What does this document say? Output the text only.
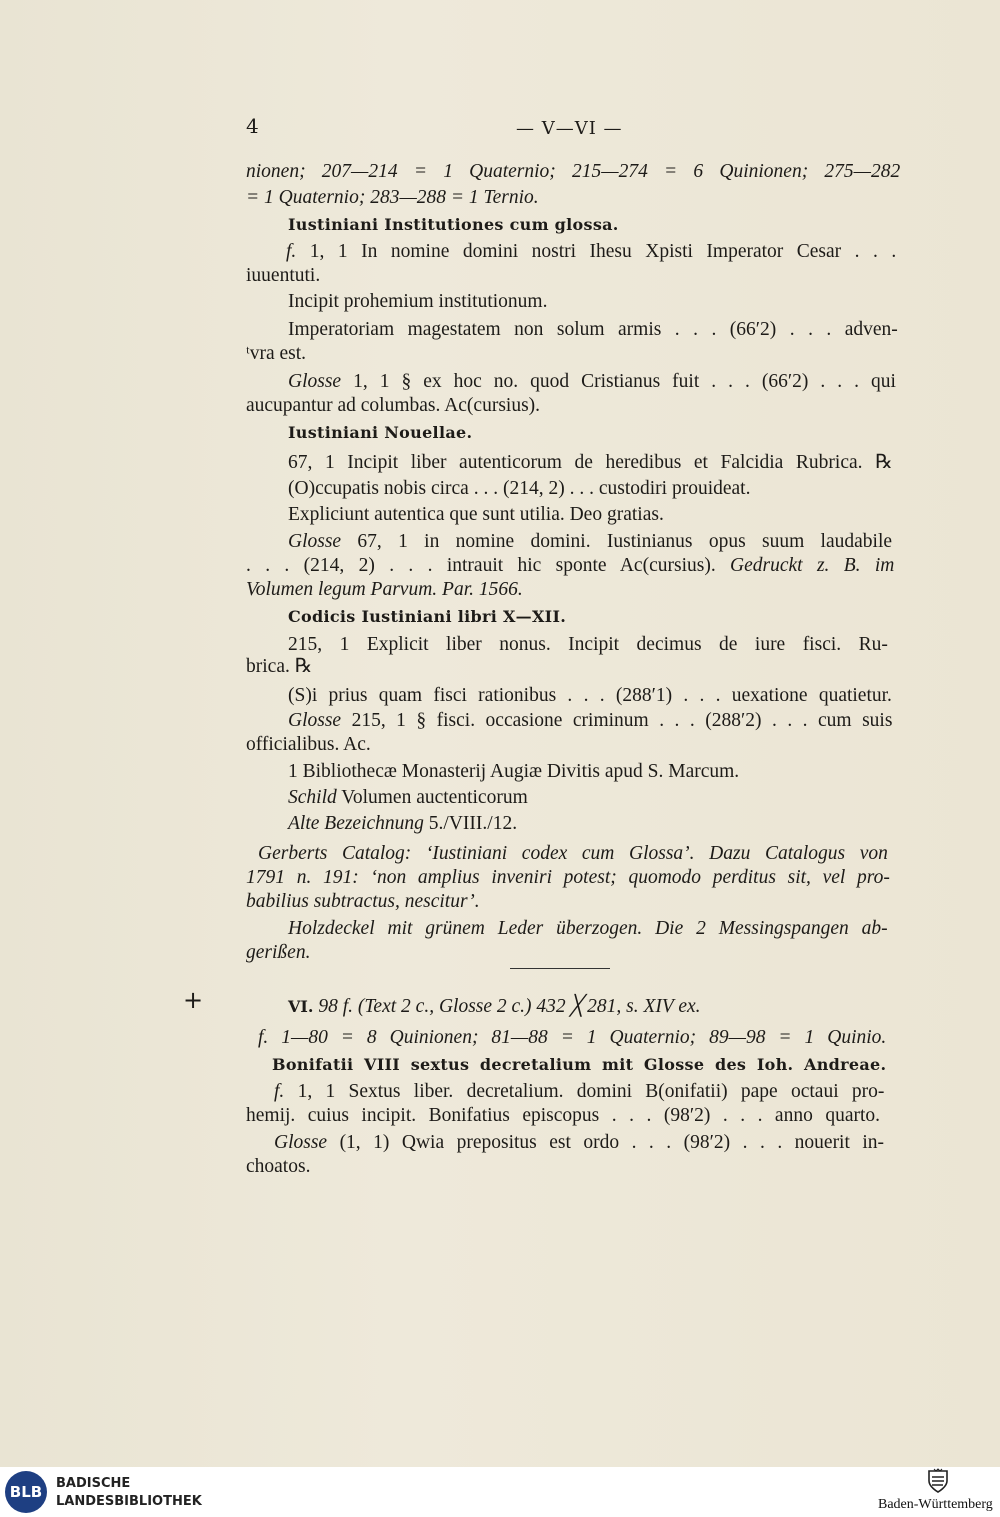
4	— V—VI —
nionen; 207—214 = 1 Quaternio; 215—274 = 6 Quinionen; 275—282
= 1 Quaternio; 283—288 = 1 Ternio.
Iustiniani Institutiones cum glossa.
f. 1, 1 In nomine domini nostri Ihesu Xpisti Imperator Cesar . . .
iuuentuti.
Incipit prohemium institutionum.
Imperatoriam magestatem non solum armis . . . (66′2) . . . adven-
ᵗvra est.
Glosse 1, 1 § ex hoc no. quod Cristianus fuit . . . (66′2) . . . qui
aucupantur ad columbas. Ac(cursius).
Iustiniani Nouellae.
67, 1 Incipit liber autenticorum de heredibus et Falcidia Rubrica. ℞
(O)ccupatis nobis circa . . . (214, 2) . . . custodiri prouideat.
Expliciunt autentica que sunt utilia. Deo gratias.
Glosse 67, 1 in nomine domini. Iustinianus opus suum laudabile
. . . (214, 2) . . . intrauit hic sponte Ac(cursius). Gedruckt z. B. im
Volumen legum Parvum. Par. 1566.
Codicis Iustiniani libri X—XII.
215, 1 Explicit liber nonus. Incipit decimus de iure fisci. Ru-
brica. ℞
(S)i prius quam fisci rationibus . . . (288′1) . . . uexatione quatietur.
Glosse 215, 1 § fisci. occasione criminum . . . (288′2) . . . cum suis
officialibus. Ac.
1 Bibliothecæ Monasterij Augiæ Divitis apud S. Marcum.
Schild Volumen auctenticorum
Alte Bezeichnung 5./VIII./12.
Gerberts Catalog: ‘Iustiniani codex cum Glossa’. Dazu Catalogus von
1791 n. 191: ‘non amplius inveniri potest; quomodo perditus sit, vel pro-
babilius subtractus, nescitur’.
Holzdeckel mit grünem Leder überzogen. Die 2 Messingspangen ab-
gerißen.
VI. 98 f. (Text 2 c., Glosse 2 c.) 432 ╳ 281, s. XIV ex.
f. 1—80 = 8 Quinionen; 81—88 = 1 Quaternio; 89—98 = 1 Quinio.
Bonifatii VIII sextus decretalium mit Glosse des Ioh. Andreae.
f. 1, 1 Sextus liber. decretalium. domini B(onifatii) pape octaui pro-
hemij. cuius incipit. Bonifatius episcopus . . . (98′2) . . . anno quarto.
Glosse (1, 1) Qwia prepositus est ordo . . . (98′2) . . . nouerit in-
choatos.
+
BLB	BADISCHE
LANDESBIBLIOTHEK	Baden-Württemberg
